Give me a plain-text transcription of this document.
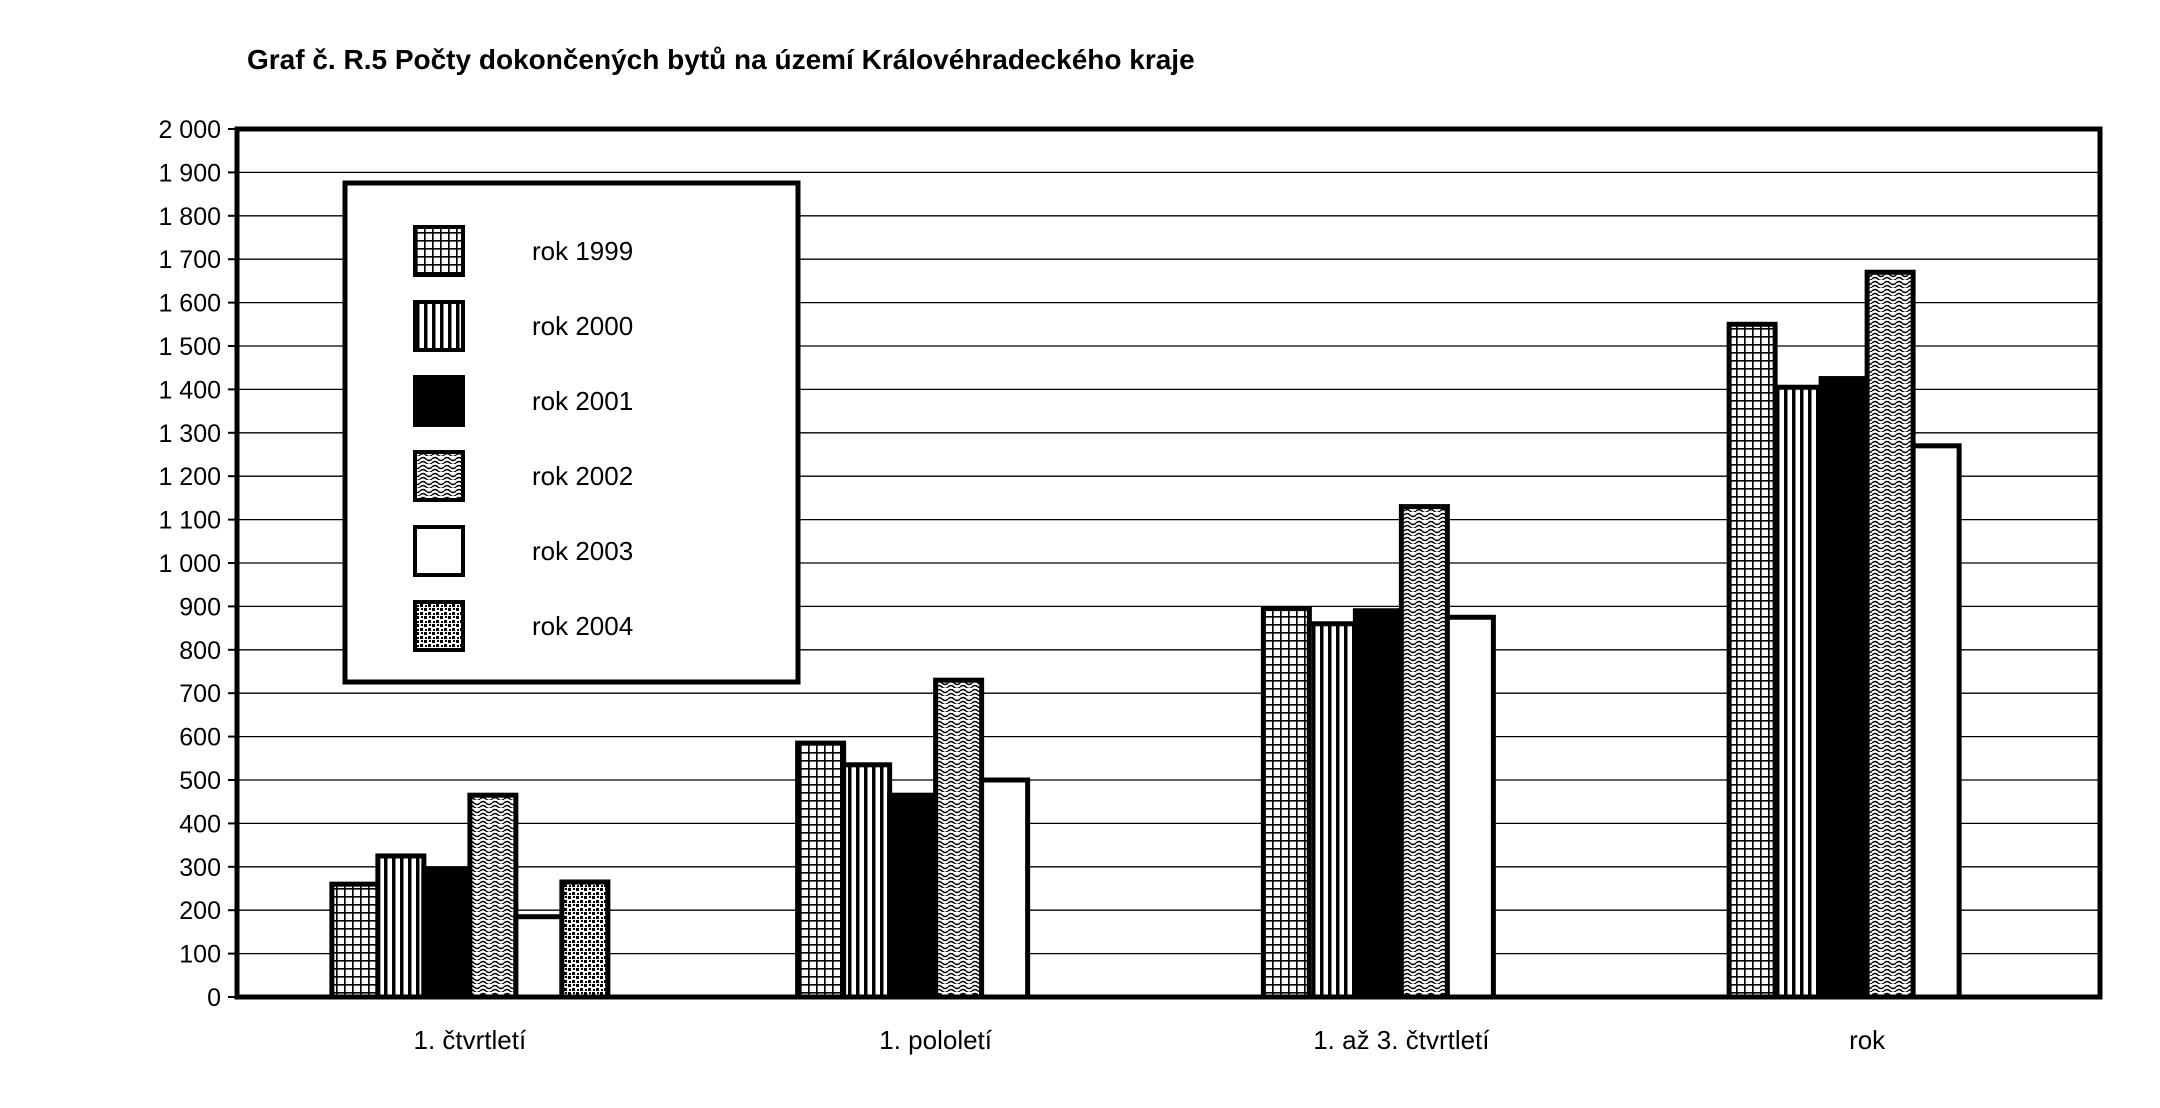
Graf č. R.5 Počty dokončených bytů na území Královéhradeckého kraje
0
100
200
300
400
500
600
700
800
900
1 000
1 100
1 200
1 300
1 400
1 500
1 600
1 700
1 800
1 900
2 000
1. čtvrtletí	1. pololetí	1. až 3. čtvrtletí	rok
rok 1999
rok 2000
rok 2001
rok 2002
rok 2003
rok 2004
